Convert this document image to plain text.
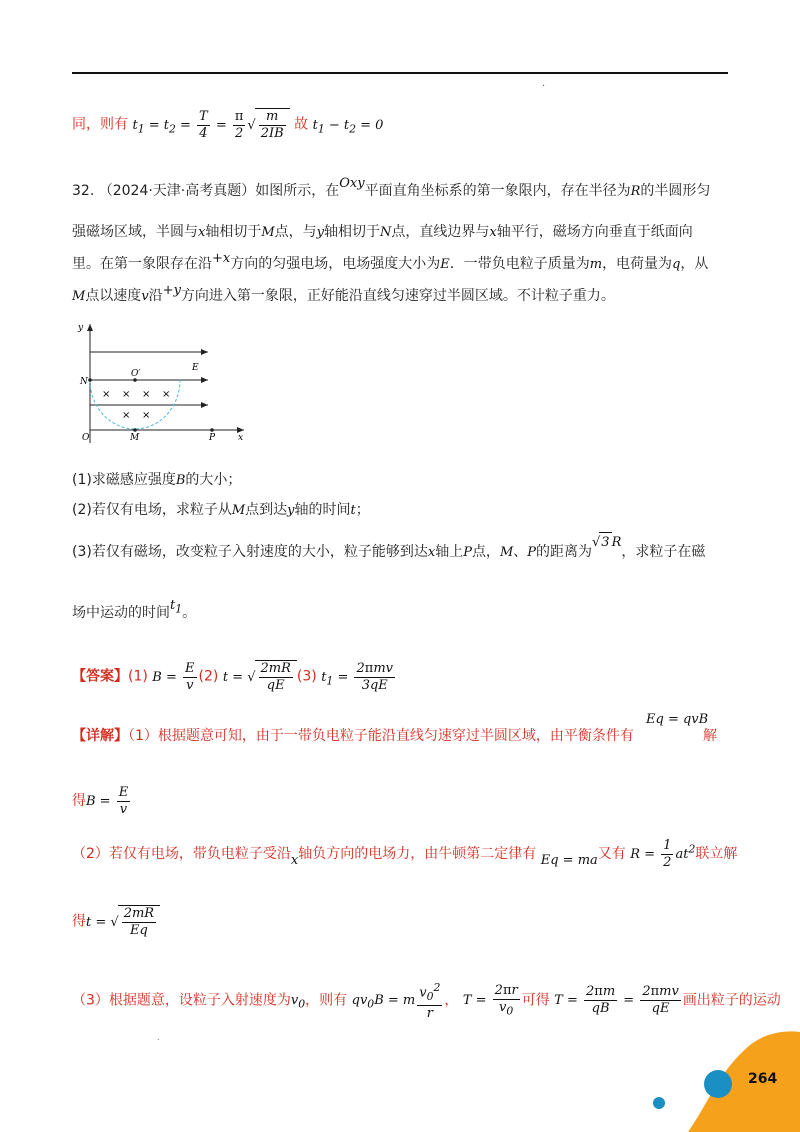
.
同，则有 $t_1 = t_2 = \frac{T}{4} = \frac{\pi}{2}$ √ $\frac{m}{2IB}$ 故 $t_1 - t_2 = 0$
32. （2024·天津·高考真题）如图所示，在Oxy平面直角坐标系的第一象限内，存在半径为R的半圆形匀
强磁场区域，半圆与x轴相切于M点，与y轴相切于N点，直线边界与x轴平行，磁场方向垂直于纸面向
里。在第一象限存在沿+x方向的匀强电场，电场强度大小为E．一带负电粒子质量为m，电荷量为q，从
M点以速度v沿+y方向进入第一象限，正好能沿直线匀速穿过半圆区域。不计粒子重力。
× × × ×
× ×
y
x
N
O	M	P
O′
E
(1)求磁感应强度B的大小；
(2)若仅有电场，求粒子从M点到达y轴的时间t；
(3)若仅有磁场，改变粒子入射速度的大小，粒子能够到达x轴上P点，M、P的距离为√3 R，求粒子在磁
场中运动的时间$t_1$。
【答案】(1) $B = \frac{E}{v} (2) t$ = √ $\frac{2mR}{qE} (3) t_1 = \frac{\text{2πmv}}{3qE}$
【详解】（1）根据题意可知，由于一带负电粒子能沿直线匀速穿过半圆区域，由平衡条件有
Eq = qvB
解
得$B = \frac{E}{v}$
（2）若仅有电场，带负电粒子受沿x轴负方向的电场力，由牛顿第二定律有 Eq = ma又有 $R = \frac{1}{2} at^2$联立解
得t = √ $\frac{2mR}{Eq}$
（3）根据题意，设粒子入射速度为$v_0$，则有 $qv_0B = m \frac{v_0^2}{r}$ ， $T = \frac{2\pi r}{v_0}$ 可得 $T = \frac{2\pi m}{qB} = \frac{\text{2πmv}}{qE}$ 画出粒子的运动
.
264
